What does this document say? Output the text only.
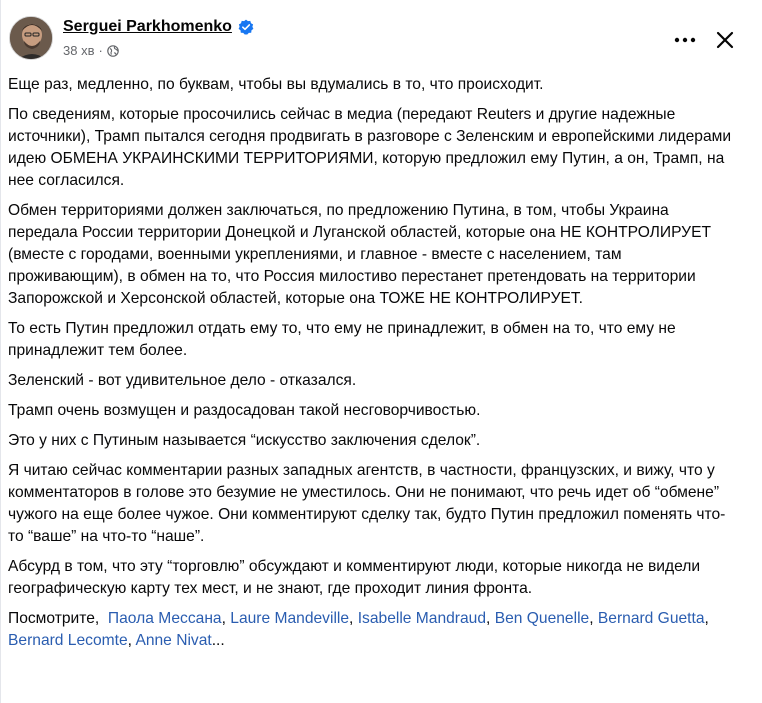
Serguei Parkhomenko
38 хв ·

Еще раз, медленно, по буквам, чтобы вы вдумались в то, что происходит.

По сведениям, которые просочились сейчас в медиа (передают Reuters и другие надежные источники), Трамп пытался сегодня продвигать в разговоре с Зеленским и европейскими лидерами идею ОБМЕНА УКРАИНСКИМИ ТЕРРИТОРИЯМИ, которую предложил ему Путин, а он, Трамп, на нее согласился.

Обмен территориями должен заключаться, по предложению Путина, в том, чтобы Украина передала России территории Донецкой и Луганской областей, которые она НЕ КОНТРОЛИРУЕТ (вместе с городами, военными укреплениями, и главное - вместе с населением, там проживающим), в обмен на то, что Россия милостиво перестанет претендовать на территории Запорожской и Херсонской областей, которые она ТОЖЕ НЕ КОНТРОЛИРУЕТ.

То есть Путин предложил отдать ему то, что ему не принадлежит, в обмен на то, что ему не принадлежит тем более.

Зеленский - вот удивительное дело - отказался.

Трамп очень возмущен и раздосадован такой несговорчивостью.

Это у них с Путиным называется “искусство заключения сделок”.

Я читаю сейчас комментарии разных западных агентств, в частности, французских, и вижу, что у комментаторов в голове это безумие не уместилось. Они не понимают, что речь идет об “обмене” чужого на еще более чужое. Они комментируют сделку так, будто Путин предложил поменять что-то “ваше” на что-то “наше”.

Абсурд в том, что эту “торговлю” обсуждают и комментируют люди, которые никогда не видели географическую карту тех мест, и не знают, где проходит линия фронта.

Посмотрите, Паола Мессана, Laure Mandeville, Isabelle Mandraud, Ben Quenelle, Bernard Guetta, Bernard Lecomte, Anne Nivat...
